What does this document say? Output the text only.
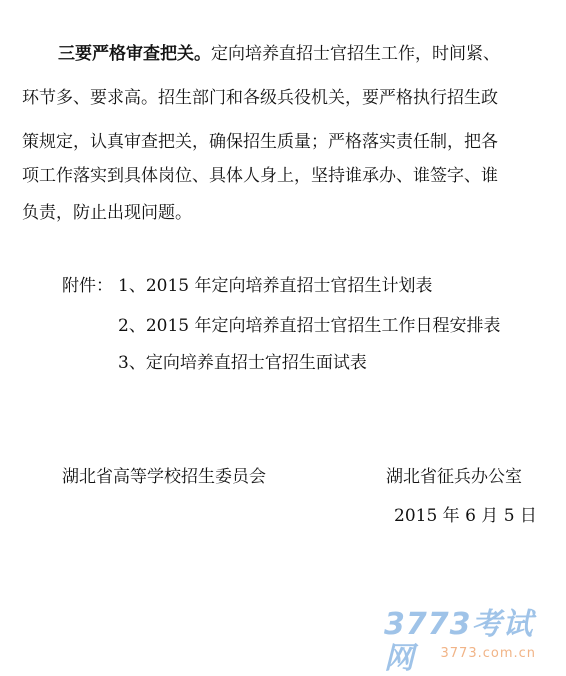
三要严格审查把关。定向培养直招士官招生工作，时间紧、
环节多、要求高。招生部门和各级兵役机关，要严格执行招生政
策规定，认真审查把关，确保招生质量；严格落实责任制，把各
项工作落实到具体岗位、具体人身上，坚持谁承办、谁签字、谁
负责，防止出现问题。
附件： 1、2015 年定向培养直招士官招生计划表
2、2015 年定向培养直招士官招生工作日程安排表
3、定向培养直招士官招生面试表
湖北省高等学校招生委员会	湖北省征兵办公室
2015 年 6 月 5 日
3773考试网	3773.com.cn
